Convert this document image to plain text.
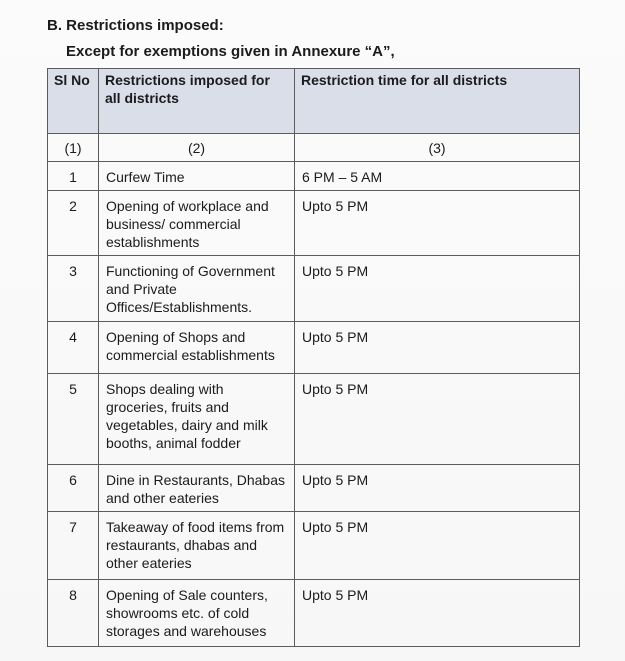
B. Restrictions imposed:
Except for exemptions given in Annexure “A”,
Sl No	Restrictions imposed for all districts	Restriction time for all districts
(1)	(2)	(3)
1	Curfew Time	6 PM – 5 AM
2	Opening of workplace and business/ commercial establishments	Upto 5 PM
3	Functioning of Government and Private Offices/Establishments.	Upto 5 PM
4	Opening of Shops and commercial establishments	Upto 5 PM
5	Shops dealing with groceries, fruits and vegetables, dairy and milk booths, animal fodder	Upto 5 PM
6	Dine in Restaurants, Dhabas and other eateries	Upto 5 PM
7	Takeaway of food items from restaurants, dhabas and other eateries	Upto 5 PM
8	Opening of Sale counters, showrooms etc. of cold storages and warehouses	Upto 5 PM
